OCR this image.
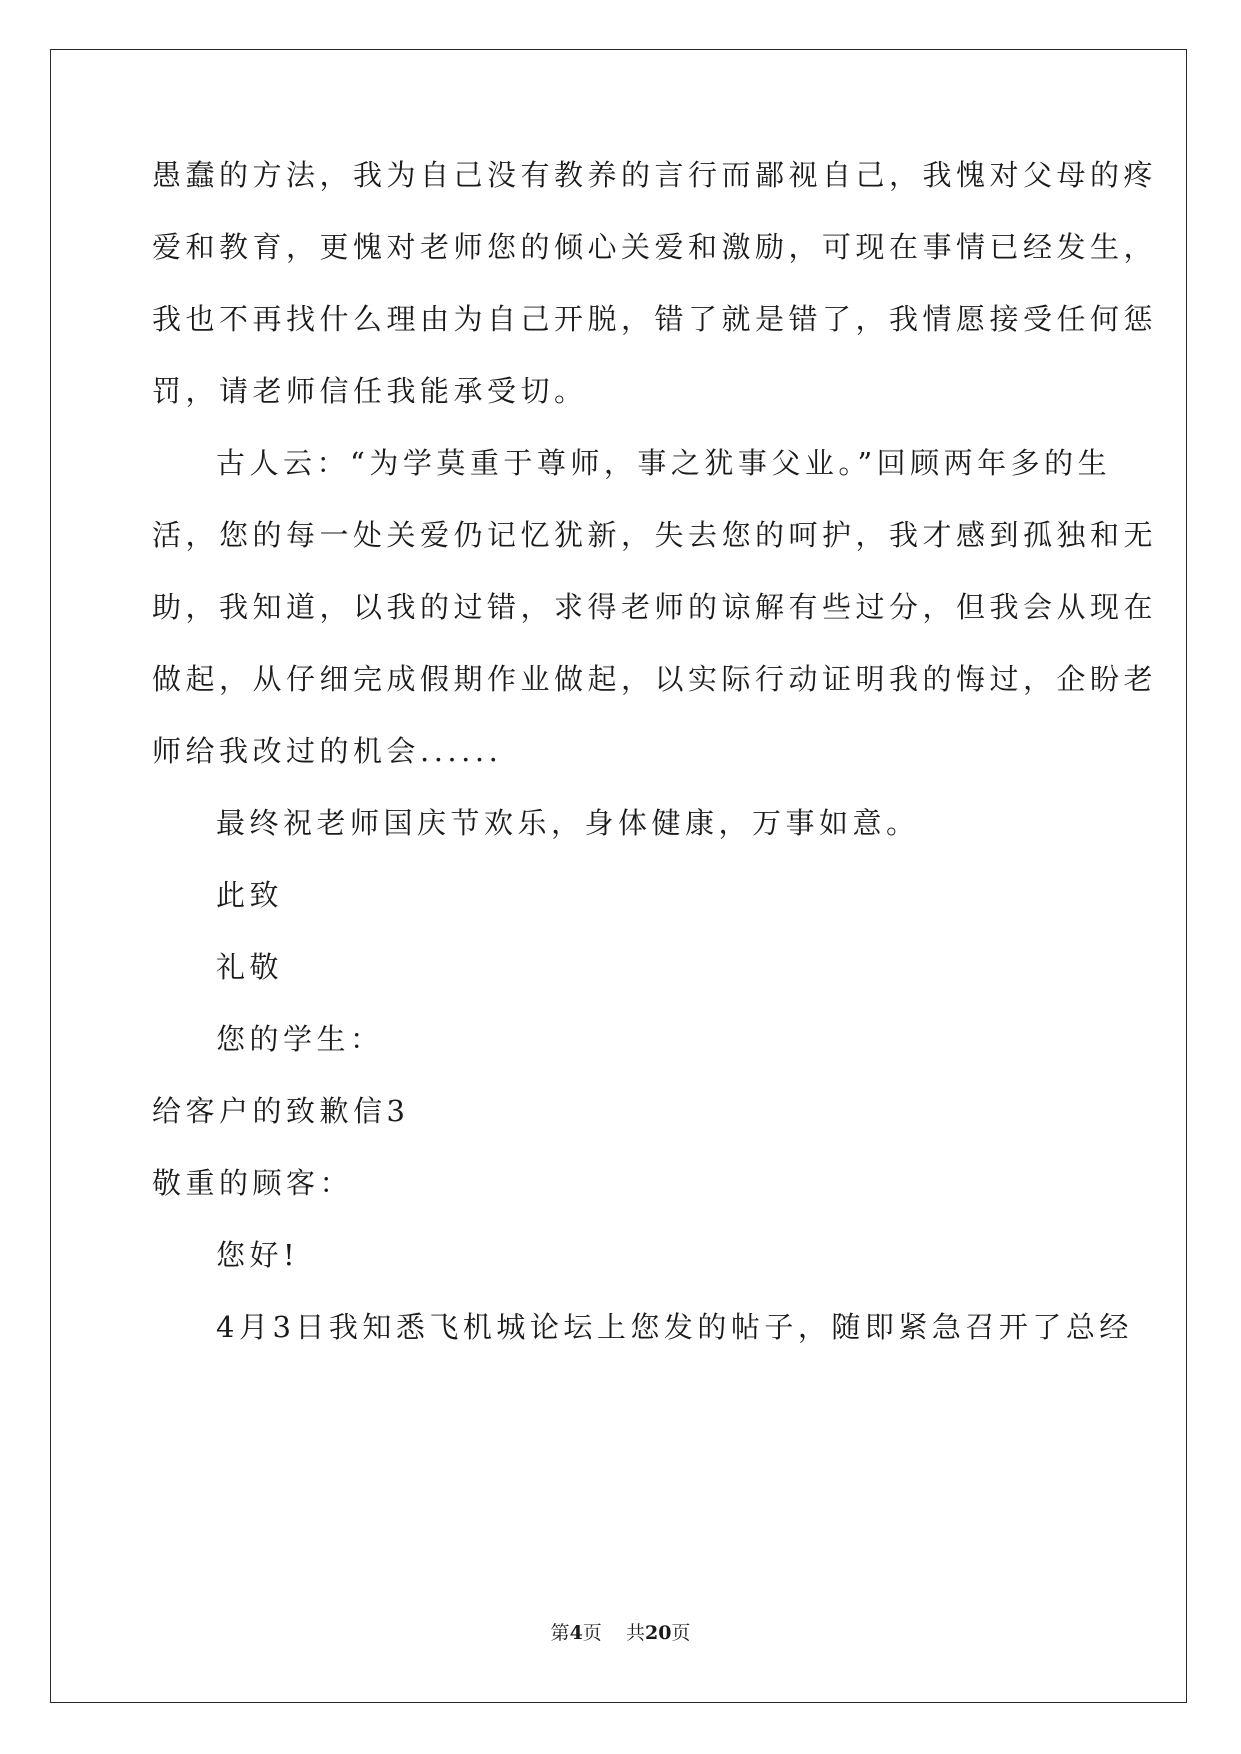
愚蠢的方法，我为自己没有教养的言行而鄙视自己，我愧对父母的疼
爱和教育，更愧对老师您的倾心关爱和激励，可现在事情已经发生，
我也不再找什么理由为自己开脱，错了就是错了，我情愿接受任何惩
罚，请老师信任我能承受切。
古人云：“为学莫重于尊师，事之犹事父业。”回顾两年多的生
活，您的每一处关爱仍记忆犹新，失去您的呵护，我才感到孤独和无
助，我知道，以我的过错，求得老师的谅解有些过分，但我会从现在
做起，从仔细完成假期作业做起，以实际行动证明我的悔过，企盼老
师给我改过的机会......
最终祝老师国庆节欢乐，身体健康，万事如意。
此致
礼敬
您的学生：
给客户的致歉信3
敬重的顾客：
您好!
4月3日我知悉飞机城论坛上您发的帖子，随即紧急召开了总经
第4页    共20页
